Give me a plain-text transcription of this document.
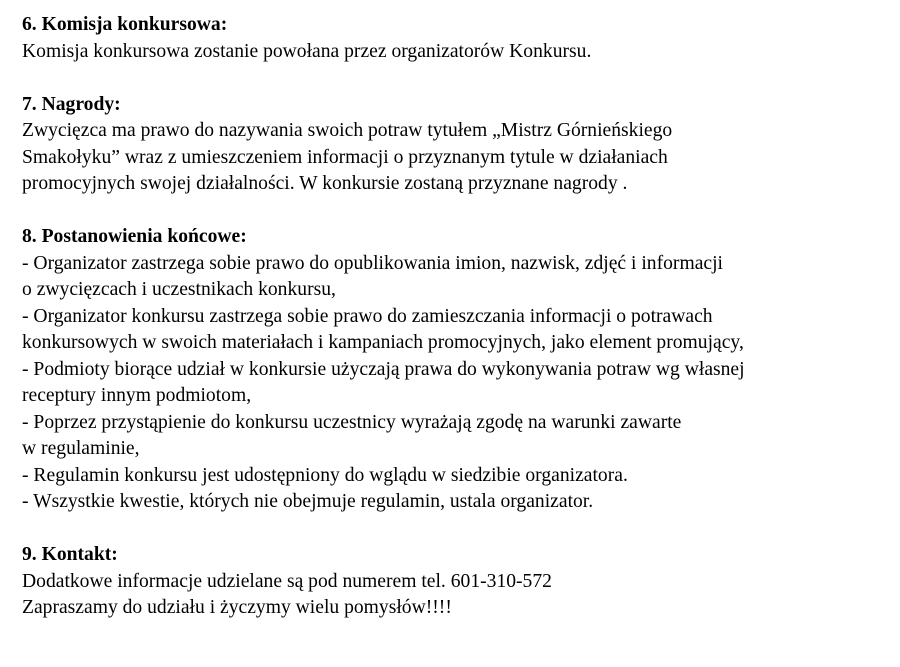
6. Komisja konkursowa:
Komisja konkursowa zostanie powołana przez organizatorów Konkursu.
7. Nagrody:
Zwycięzca ma prawo do nazywania swoich potraw tytułem „Mistrz Górnieńskiego
Smakołyku” wraz z umieszczeniem informacji o przyznanym tytule w działaniach
promocyjnych swojej działalności. W konkursie zostaną przyznane nagrody .
8. Postanowienia końcowe:
- Organizator zastrzega sobie prawo do opublikowania imion, nazwisk, zdjęć i informacji
o zwycięzcach i uczestnikach konkursu,
- Organizator konkursu zastrzega sobie prawo do zamieszczania informacji o potrawach
konkursowych w swoich materiałach i kampaniach promocyjnych, jako element promujący,
- Podmioty biorące udział w konkursie użyczają prawa do wykonywania potraw wg własnej
receptury innym podmiotom,
- Poprzez przystąpienie do konkursu uczestnicy wyrażają zgodę na warunki zawarte
w regulaminie,
- Regulamin konkursu jest udostępniony do wglądu w siedzibie organizatora.
- Wszystkie kwestie, których nie obejmuje regulamin, ustala organizator.
9. Kontakt:
Dodatkowe informacje udzielane są pod numerem tel. 601-310-572
Zapraszamy do udziału i życzymy wielu pomysłów!!!!
